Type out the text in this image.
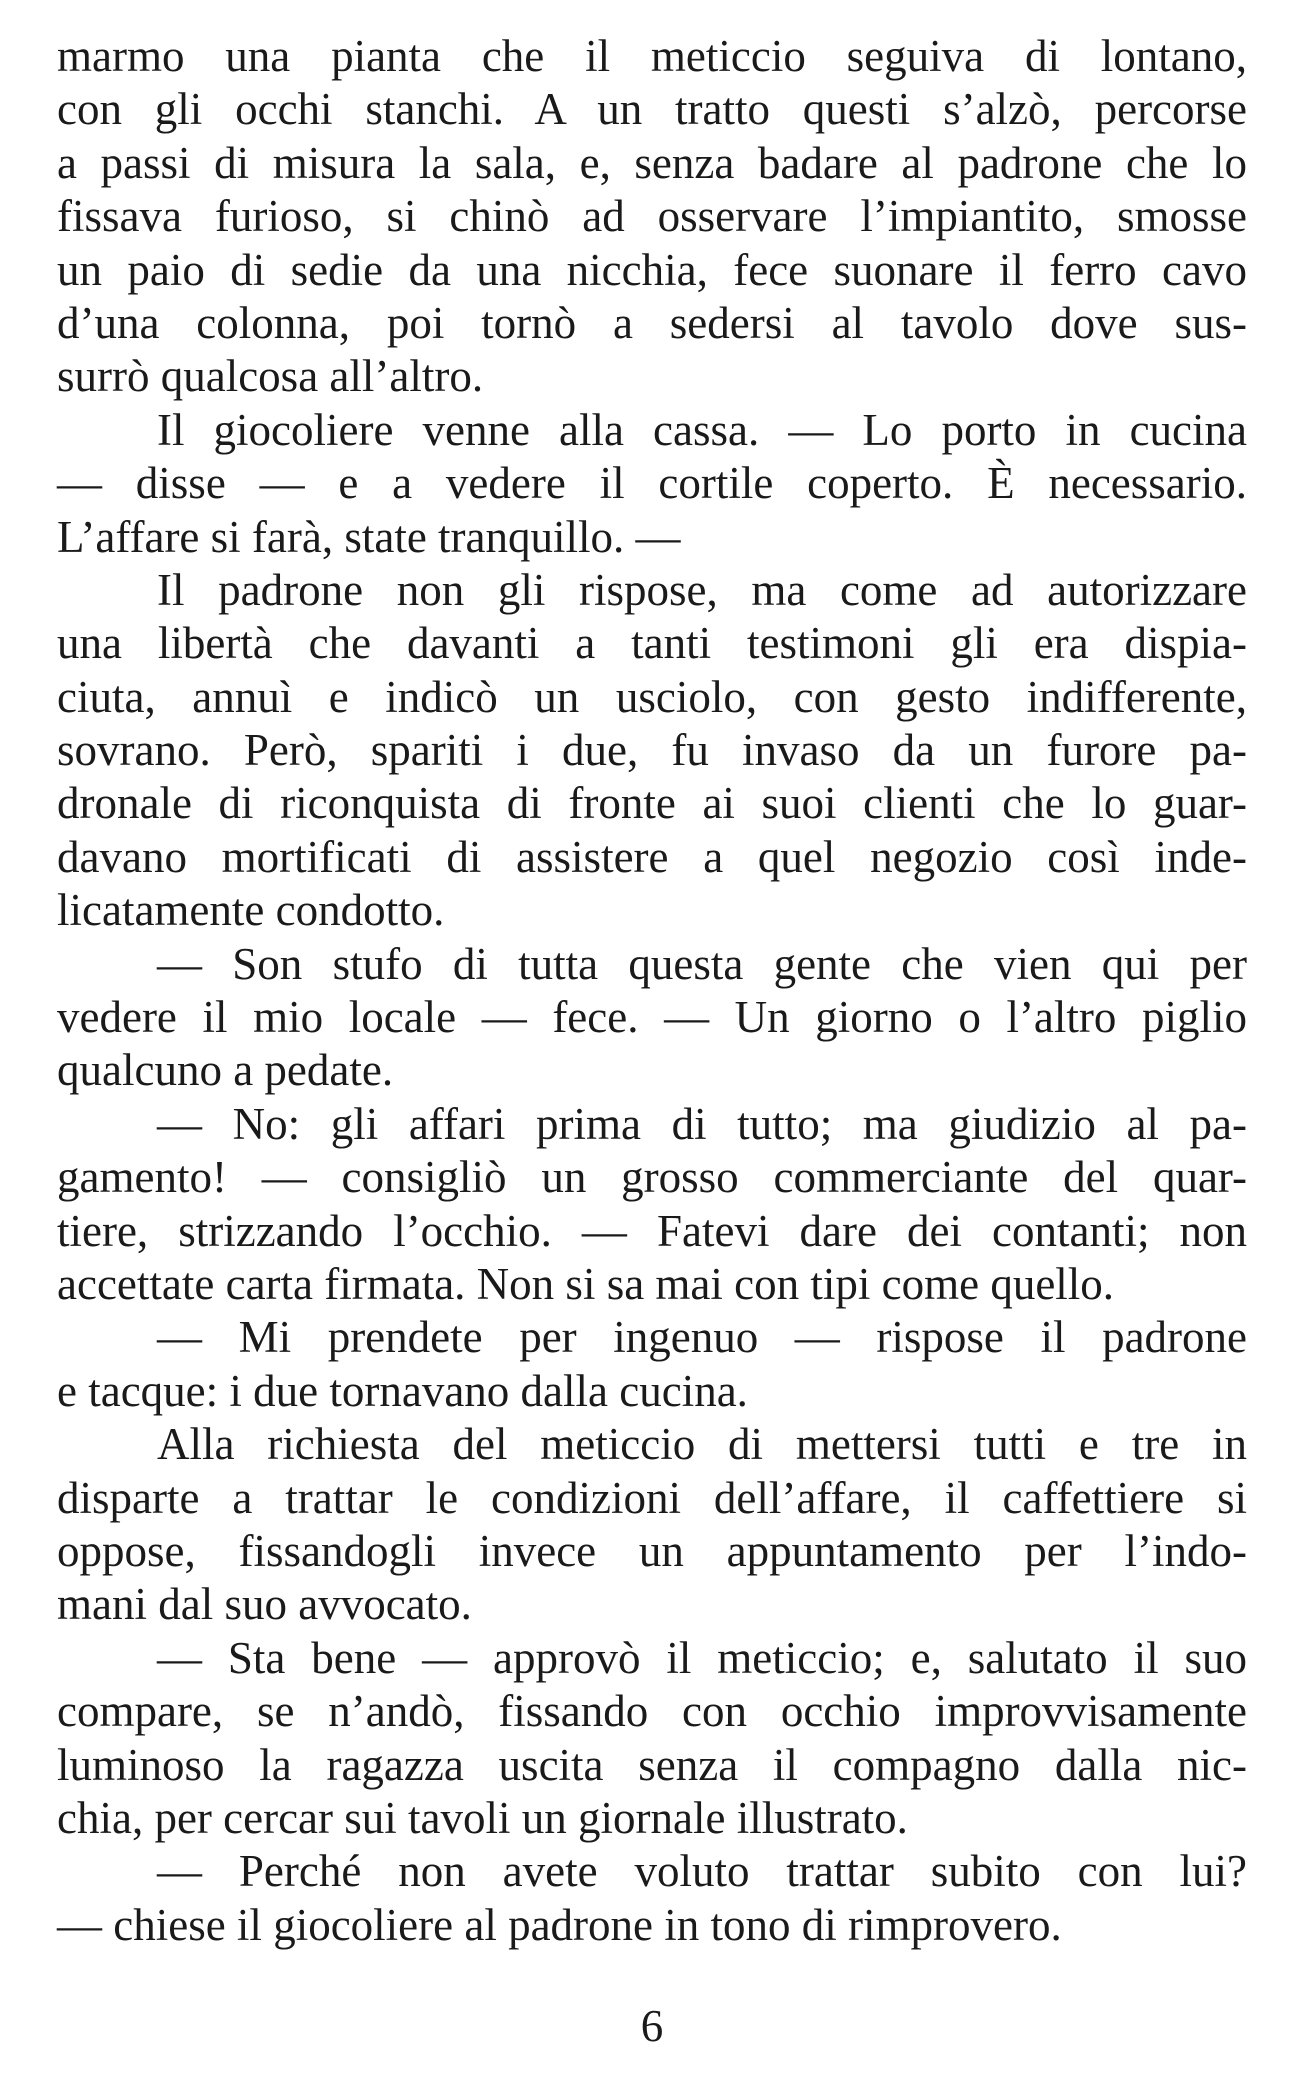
marmo una pianta che il meticcio seguiva di lontano,
con gli occhi stanchi. A un tratto questi s’alzò, percorse
a passi di misura la sala, e, senza badare al padrone che lo
fissava furioso, si chinò ad osservare l’impiantito, smosse
un paio di sedie da una nicchia, fece suonare il ferro cavo
d’una colonna, poi tornò a sedersi al tavolo dove sus-
surrò qualcosa all’altro.
Il giocoliere venne alla cassa. — Lo porto in cucina
— disse — e a vedere il cortile coperto. È necessario.
L’affare si farà, state tranquillo. —
Il padrone non gli rispose, ma come ad autorizzare
una libertà che davanti a tanti testimoni gli era dispia-
ciuta, annuì e indicò un usciolo, con gesto indifferente,
sovrano. Però, spariti i due, fu invaso da un furore pa-
dronale di riconquista di fronte ai suoi clienti che lo guar-
davano mortificati di assistere a quel negozio così inde-
licatamente condotto.
— Son stufo di tutta questa gente che vien qui per
vedere il mio locale — fece. — Un giorno o l’altro piglio
qualcuno a pedate.
— No: gli affari prima di tutto; ma giudizio al pa-
gamento! — consigliò un grosso commerciante del quar-
tiere, strizzando l’occhio. — Fatevi dare dei contanti; non
accettate carta firmata. Non si sa mai con tipi come quello.
— Mi prendete per ingenuo — rispose il padrone
e tacque: i due tornavano dalla cucina.
Alla richiesta del meticcio di mettersi tutti e tre in
disparte a trattar le condizioni dell’affare, il caffettiere si
oppose, fissandogli invece un appuntamento per l’indo-
mani dal suo avvocato.
— Sta bene — approvò il meticcio; e, salutato il suo
compare, se n’andò, fissando con occhio improvvisamente
luminoso la ragazza uscita senza il compagno dalla nic-
chia, per cercar sui tavoli un giornale illustrato.
— Perché non avete voluto trattar subito con lui?
— chiese il giocoliere al padrone in tono di rimprovero.
6
